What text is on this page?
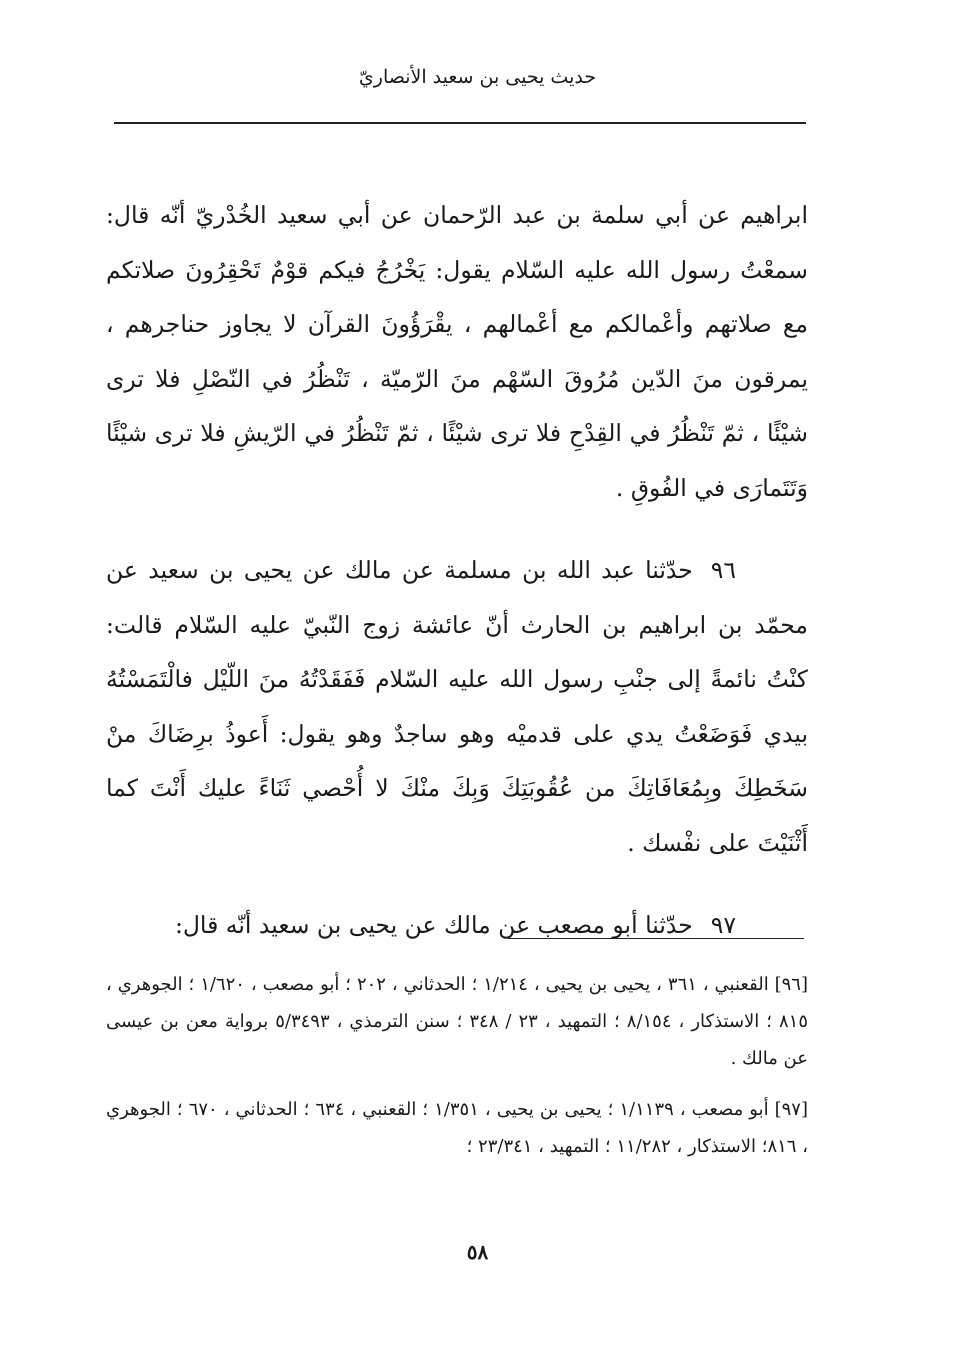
حديث يحيى بن سعيد الأنصاريّ

ابراهيم عن أبي سلمة بن عبد الرّحمان عن أبي سعيد الخُدْريّ أنّه قال: سمعْتُ رسول الله عليه السّلام يقول: يَخْرُجُ فيكم قوْمٌ تَحْقِرُونَ صلاتكم مع صلاتهم وأعْمالكم مع أعْمالهم ، يقْرَؤُونَ القرآن لا يجاوز حناجرهم ، يمرقون منَ الدّين مُرُوقَ السّهْم منَ الرّميّة ، تَنْظُرُ في النّصْلِ فلا ترى شيْئًا ، ثمّ تَنْظُرُ في القِدْحِ فلا ترى شيْئًا ، ثمّ تَنْظُرُ في الرّيشِ فلا ترى شيْئًا وَتَتَمارَى في الفُوقِ .

٩٦حدّثنا عبد الله بن مسلمة عن مالك عن يحيى بن سعيد عن محمّد بن ابراهيم بن الحارث أنّ عائشة زوج النّبيّ عليه السّلام قالت: كنْتُ نائمةً إلى جنْبِ رسول الله عليه السّلام فَفَقَدْتُهُ منَ اللّيْل فالْتَمَسْتُهُ بيدي فَوَضَعْتُ يدي على قدميْه وهو ساجدٌ وهو يقول: أَعوذُ برِضَاكَ منْ سَخَطِكَ وبِمُعَافَاتِكَ من عُقُوبَتِكَ وَبِكَ منْكَ لا أُحْصي ثَنَاءً عليك أَنْتَ كما أَثْنَيْتَ على نفْسك .

٩٧حدّثنا أبو مصعب عن مالك عن يحيى بن سعيد أنّه قال:

[٩٦] القعنبي ، ٣٦١ ، يحيى بن يحيى ، ١/٢١٤ ؛ الحدثاني ، ٢٠٢ ؛ أبو مصعب ، ١/٦٢٠ ؛ الجوهري ، ٨١٥ ؛ الاستذكار ، ٨/١٥٤ ؛ التمهيد ، ٢٣ / ٣٤٨ ؛ سنن الترمذي ، ٥/٣٤٩٣ برواية معن بن عيسى عن مالك .

[٩٧] أبو مصعب ، ١/١١٣٩ ؛ يحيى بن يحيى ، ١/٣٥١ ؛ القعنبي ، ٦٣٤ ؛ الحدثاني ، ٦٧٠ ؛ الجوهري ، ٨١٦؛ الاستذكار ، ١١/٢٨٢ ؛ التمهيد ، ٢٣/٣٤١ ؛

٥٨
